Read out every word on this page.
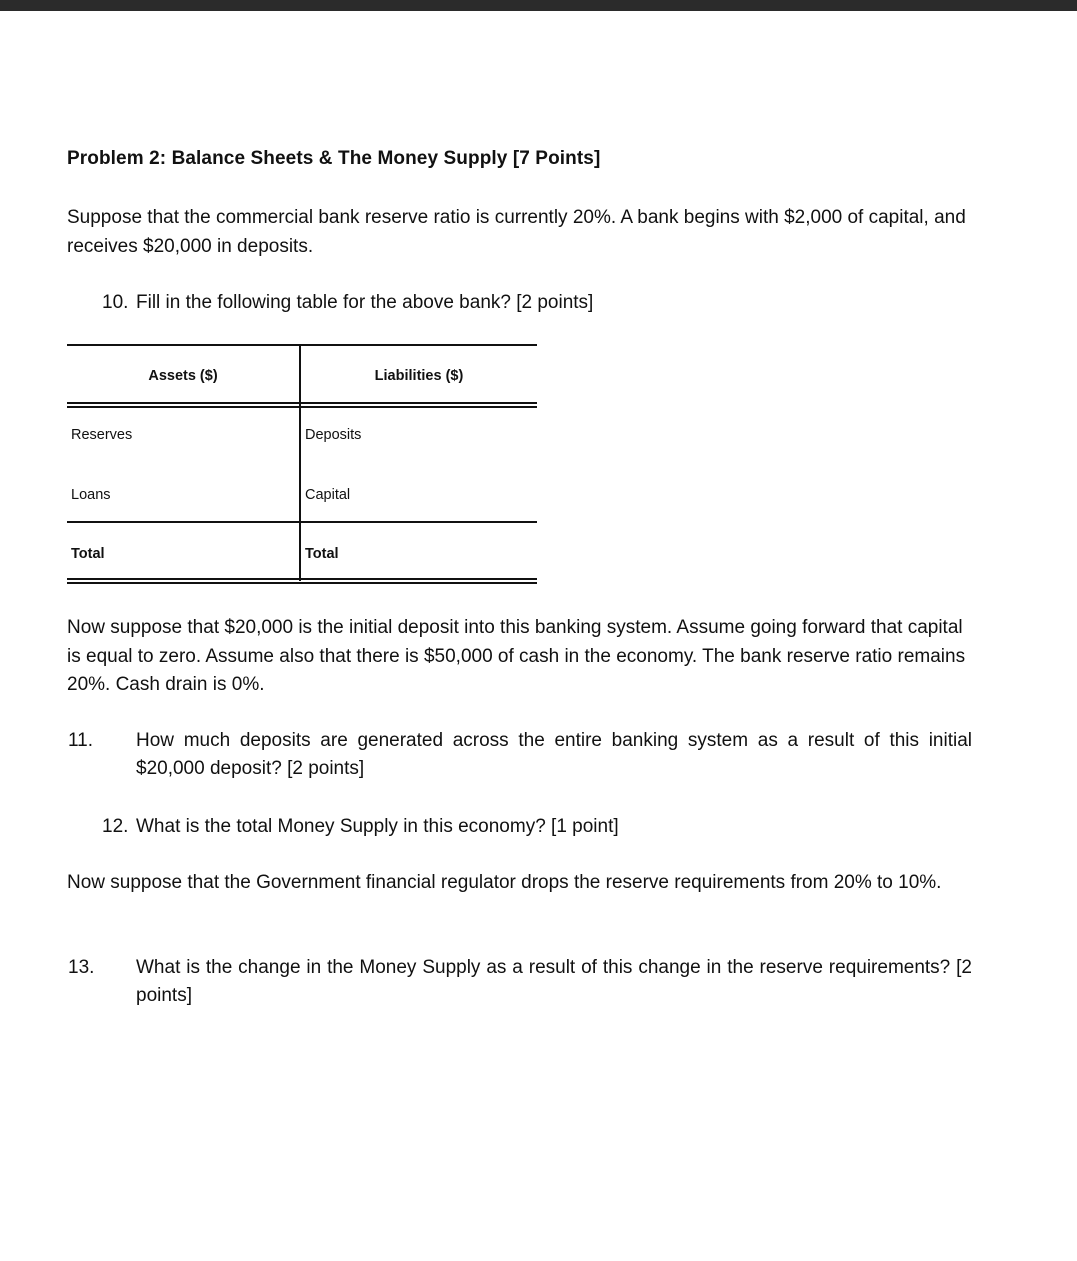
Problem 2: Balance Sheets & The Money Supply [7 Points]
Suppose that the commercial bank reserve ratio is currently 20%. A bank begins with $2,000 of capital, and receives $20,000 in deposits.
10. Fill in the following table for the above bank? [2 points]
Assets ($)	Liabilities ($)
Reserves	Deposits
Loans	Capital
Total	Total
Now suppose that $20,000 is the initial deposit into this banking system. Assume going forward that capital is equal to zero. Assume also that there is $50,000 of cash in the economy. The bank reserve ratio remains 20%. Cash drain is 0%.
11. How much deposits are generated across the entire banking system as a result of this initial $20,000 deposit? [2 points]
12. What is the total Money Supply in this economy? [1 point]
Now suppose that the Government financial regulator drops the reserve requirements from 20% to 10%.
13. What is the change in the Money Supply as a result of this change in the reserve requirements? [2 points]
